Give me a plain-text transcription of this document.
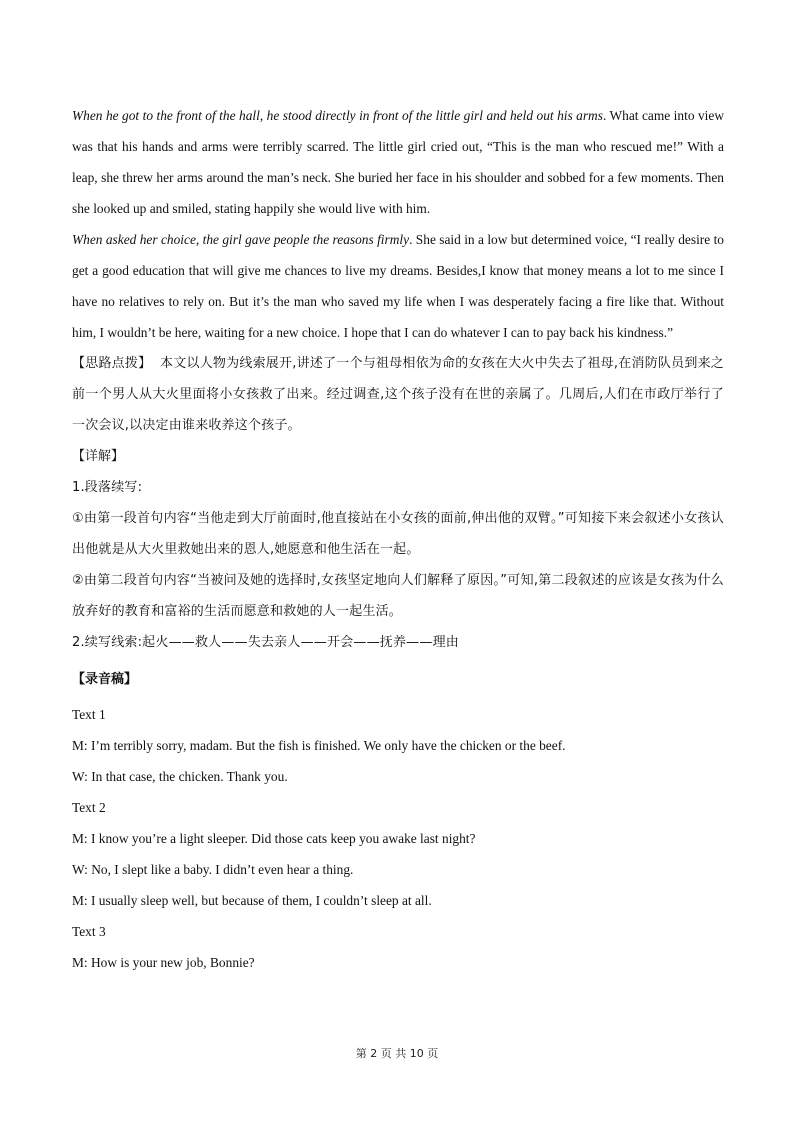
When he got to the front of the hall, he stood directly in front of the little girl and held out his arms. What came into view was that his hands and arms were terribly scarred. The little girl cried out, “This is the man who rescued me!” With a leap, she threw her arms around the man’s neck. She buried her face in his shoulder and sobbed for a few moments. Then she looked up and smiled, stating happily she would live with him.

When asked her choice, the girl gave people the reasons firmly. She said in a low but determined voice, “I really desire to get a good education that will give me chances to live my dreams. Besides,I know that money means a lot to me since I have no relatives to rely on. But it’s the man who saved my life when I was desperately facing a fire like that. Without him, I wouldn’t be here, waiting for a new choice. I hope that I can do whatever I can to pay back his kindness.”

【思路点拨】 本文以人物为线索展开,讲述了一个与祖母相依为命的女孩在大火中失去了祖母,在消防队员到来之前一个男人从大火里面将小女孩救了出来。经过调查,这个孩子没有在世的亲属了。几周后,人们在市政厅举行了一次会议,以决定由谁来收养这个孩子。

【详解】

1.段落续写:

①由第一段首句内容“当他走到大厅前面时,他直接站在小女孩的面前,伸出他的双臂。”可知接下来会叙述小女孩认出他就是从大火里救她出来的恩人,她愿意和他生活在一起。

②由第二段首句内容“当被问及她的选择时,女孩坚定地向人们解释了原因。”可知,第二段叙述的应该是女孩为什么放弃好的教育和富裕的生活而愿意和救她的人一起生活。

2.续写线索:起火——救人——失去亲人——开会——抚养——理由

【录音稿】

Text 1

M: I’m terribly sorry, madam. But the fish is finished. We only have the chicken or the beef.

W: In that case, the chicken. Thank you.

Text 2

M: I know you’re a light sleeper. Did those cats keep you awake last night?

W: No, I slept like a baby. I didn’t even hear a thing.

M: I usually sleep well, but because of them, I couldn’t sleep at all.

Text 3

M: How is your new job, Bonnie?

第 2 页 共 10 页
